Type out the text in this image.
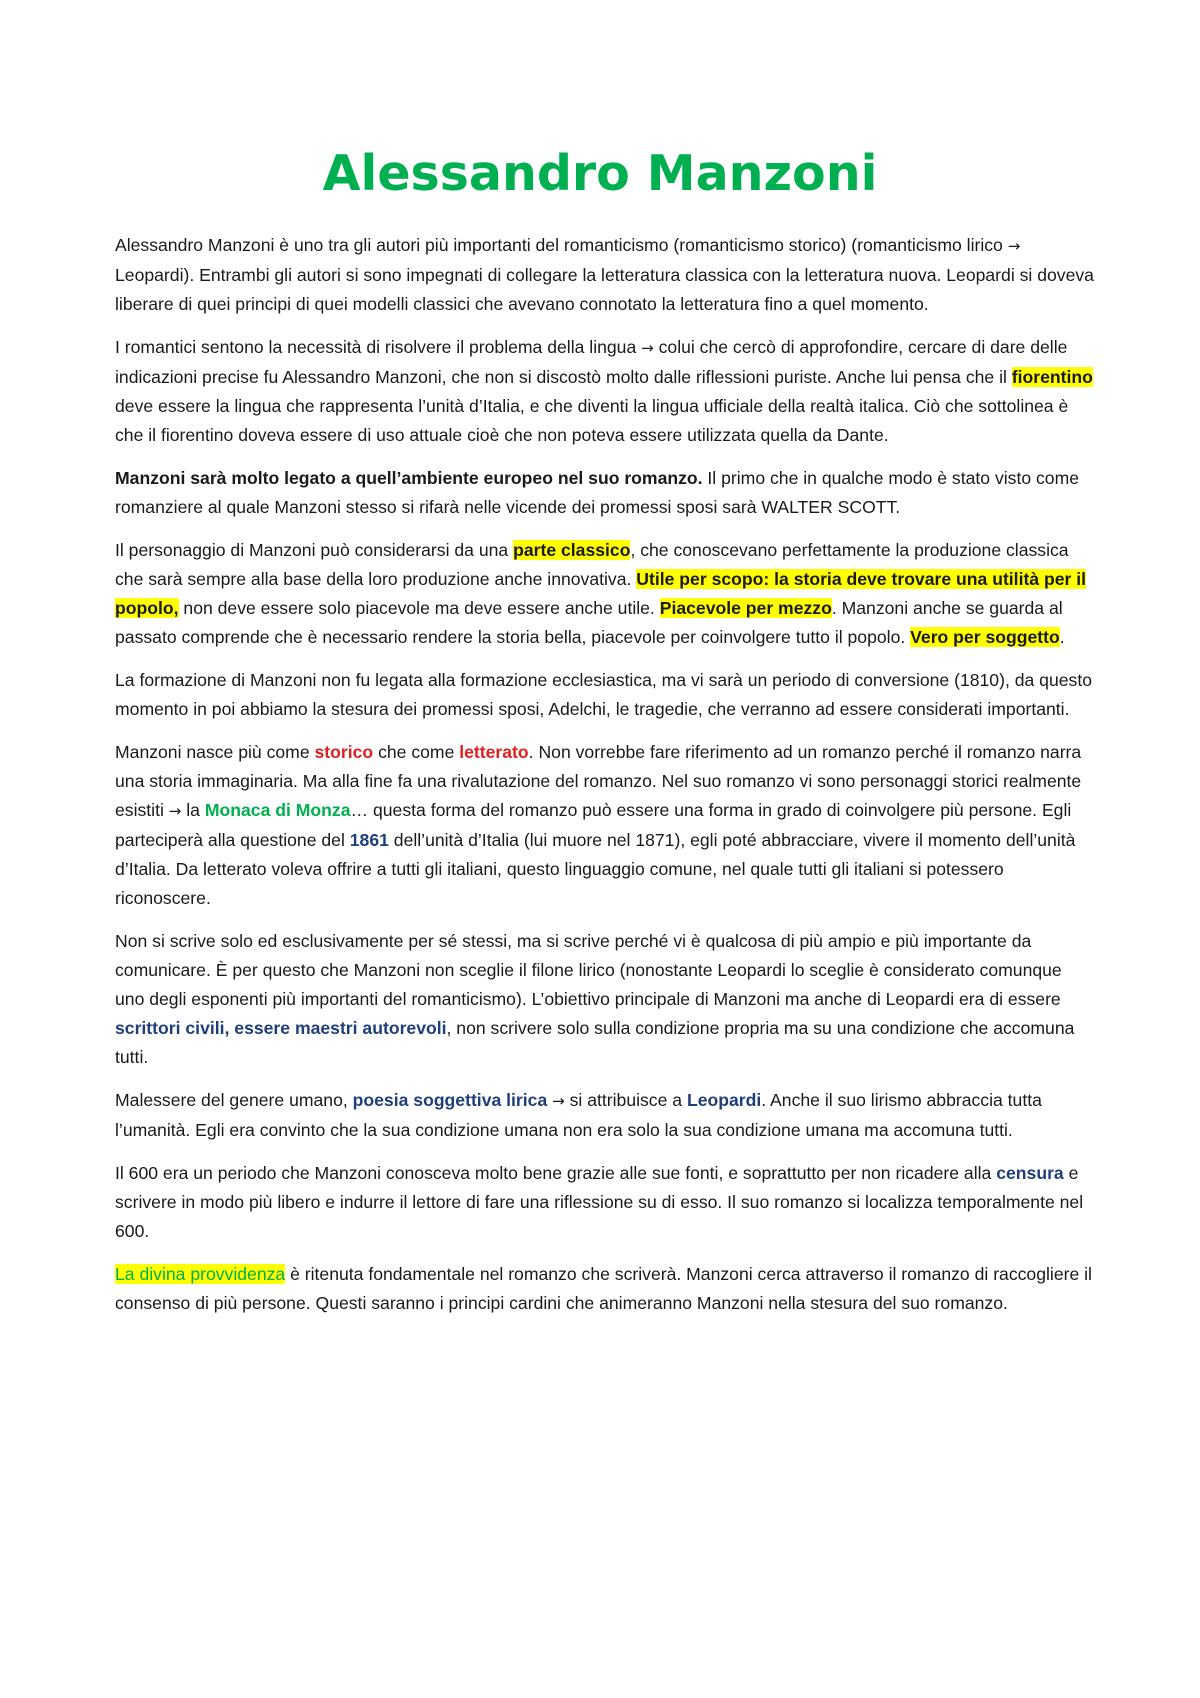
Alessandro Manzoni

Alessandro Manzoni è uno tra gli autori più importanti del romanticismo (romanticismo storico) (romanticismo lirico → Leopardi). Entrambi gli autori si sono impegnati di collegare la letteratura classica con la letteratura nuova. Leopardi si doveva liberare di quei principi di quei modelli classici che avevano connotato la letteratura fino a quel momento.

I romantici sentono la necessità di risolvere il problema della lingua → colui che cercò di approfondire, cercare di dare delle indicazioni precise fu Alessandro Manzoni, che non si discostò molto dalle riflessioni puriste. Anche lui pensa che il fiorentino deve essere la lingua che rappresenta l’unità d’Italia, e che diventi la lingua ufficiale della realtà italica. Ciò che sottolinea è che il fiorentino doveva essere di uso attuale cioè che non poteva essere utilizzata quella da Dante.

Manzoni sarà molto legato a quell’ambiente europeo nel suo romanzo. Il primo che in qualche modo è stato visto come romanziere al quale Manzoni stesso si rifarà nelle vicende dei promessi sposi sarà WALTER SCOTT.

Il personaggio di Manzoni può considerarsi da una parte classico, che conoscevano perfettamente la produzione classica che sarà sempre alla base della loro produzione anche innovativa. Utile per scopo: la storia deve trovare una utilità per il popolo, non deve essere solo piacevole ma deve essere anche utile. Piacevole per mezzo. Manzoni anche se guarda al passato comprende che è necessario rendere la storia bella, piacevole per coinvolgere tutto il popolo. Vero per soggetto.

La formazione di Manzoni non fu legata alla formazione ecclesiastica, ma vi sarà un periodo di conversione (1810), da questo momento in poi abbiamo la stesura dei promessi sposi, Adelchi, le tragedie, che verranno ad essere considerati importanti.

Manzoni nasce più come storico che come letterato. Non vorrebbe fare riferimento ad un romanzo perché il romanzo narra una storia immaginaria. Ma alla fine fa una rivalutazione del romanzo. Nel suo romanzo vi sono personaggi storici realmente esistiti → la Monaca di Monza… questa forma del romanzo può essere una forma in grado di coinvolgere più persone. Egli parteciperà alla questione del 1861 dell’unità d’Italia (lui muore nel 1871), egli poté abbracciare, vivere il momento dell’unità d’Italia. Da letterato voleva offrire a tutti gli italiani, questo linguaggio comune, nel quale tutti gli italiani si potessero riconoscere.

Non si scrive solo ed esclusivamente per sé stessi, ma si scrive perché vi è qualcosa di più ampio e più importante da comunicare. È per questo che Manzoni non sceglie il filone lirico (nonostante Leopardi lo sceglie è considerato comunque uno degli esponenti più importanti del romanticismo). L’obiettivo principale di Manzoni ma anche di Leopardi era di essere scrittori civili, essere maestri autorevoli, non scrivere solo sulla condizione propria ma su una condizione che accomuna tutti.

Malessere del genere umano, poesia soggettiva lirica → si attribuisce a Leopardi. Anche il suo lirismo abbraccia tutta l’umanità. Egli era convinto che la sua condizione umana non era solo la sua condizione umana ma accomuna tutti.

Il 600 era un periodo che Manzoni conosceva molto bene grazie alle sue fonti, e soprattutto per non ricadere alla censura e scrivere in modo più libero e indurre il lettore di fare una riflessione su di esso. Il suo romanzo si localizza temporalmente nel 600.

La divina provvidenza è ritenuta fondamentale nel romanzo che scriverà. Manzoni cerca attraverso il romanzo di raccogliere il consenso di più persone. Questi saranno i principi cardini che animeranno Manzoni nella stesura del suo romanzo.
